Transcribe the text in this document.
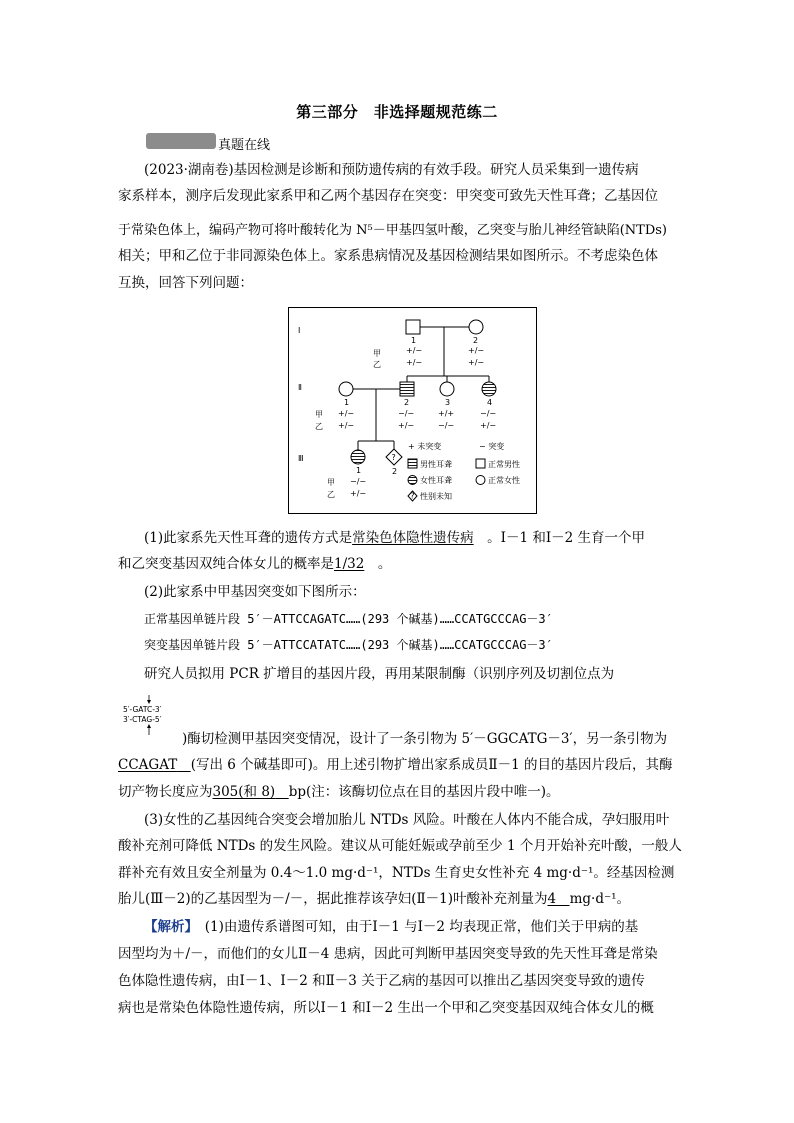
第三部分　非选择题规范练二
真题在线
(2023·湖南卷)基因检测是诊断和预防遗传病的有效手段。研究人员采集到一遗传病
家系样本，测序后发现此家系甲和乙两个基因存在突变：甲突变可致先天性耳聋；乙基因位
于常染色体上，编码产物可将叶酸转化为 N⁵－甲基四氢叶酸，乙突变与胎儿神经管缺陷(NTDs)
相关；甲和乙位于非同源染色体上。家系患病情况及基因检测结果如图所示。不考虑染色体
互换，回答下列问题：
Ⅰ
Ⅱ
Ⅲ
1	2
甲
乙
+/−
+/−
+/−
+/−
1	2	3	4
甲
乙
+/−
+/−
−/−
+/−
+/+
−/−
−/−
+/−
?
1	2
甲
乙
−/−
+/−
+ 未突变	− 突变
男性耳聋	正常男性
女性耳聋	正常女性
? 性别未知
(1)此家系先天性耳聋的遗传方式是常染色体隐性遗传病　 。Ⅰ－1 和Ⅰ－2 生育一个甲
和乙突变基因双纯合体女儿的概率是1/32　 。
(2)此家系中甲基因突变如下图所示：
正常基因单链片段 5′－ATTCCAGATC……(293 个碱基)……CCATGCCCAG－3′
突变基因单链片段 5′－ATTCCATATC……(293 个碱基)……CCATGCCCAG－3′
研究人员拟用 PCR 扩增目的基因片段，再用某限制酶（识别序列及切割位点为
5′-GATC-3′
3′-CTAG-5′
)酶切检测甲基因突变情况，设计了一条引物为 5′－GGCATG－3′，另一条引物为
CCAGAT　 (写出 6 个碱基即可)。用上述引物扩增出家系成员Ⅱ－1 的目的基因片段后，其酶
切产物长度应为305(和 8)　 bp(注：该酶切位点在目的基因片段中唯一)。
(3)女性的乙基因纯合突变会增加胎儿 NTDs 风险。叶酸在人体内不能合成，孕妇服用叶
酸补充剂可降低 NTDs 的发生风险。建议从可能妊娠或孕前至少 1 个月开始补充叶酸，一般人
群补充有效且安全剂量为 0.4～1.0 mg·d⁻¹，NTDs 生育史女性补充 4 mg·d⁻¹。经基因检测
胎儿(Ⅲ－2)的乙基因型为－/－，据此推荐该孕妇(Ⅱ－1)叶酸补充剂量为4　 mg·d⁻¹。
【解析】　 (1)由遗传系谱图可知，由于Ⅰ－1 与Ⅰ－2 均表现正常，他们关于甲病的基
因型均为＋/－，而他们的女儿Ⅱ－4 患病，因此可判断甲基因突变导致的先天性耳聋是常染
色体隐性遗传病，由Ⅰ－1、Ⅰ－2 和Ⅱ－3 关于乙病的基因可以推出乙基因突变导致的遗传
病也是常染色体隐性遗传病，所以Ⅰ－1 和Ⅰ－2 生出一个甲和乙突变基因双纯合体女儿的概
